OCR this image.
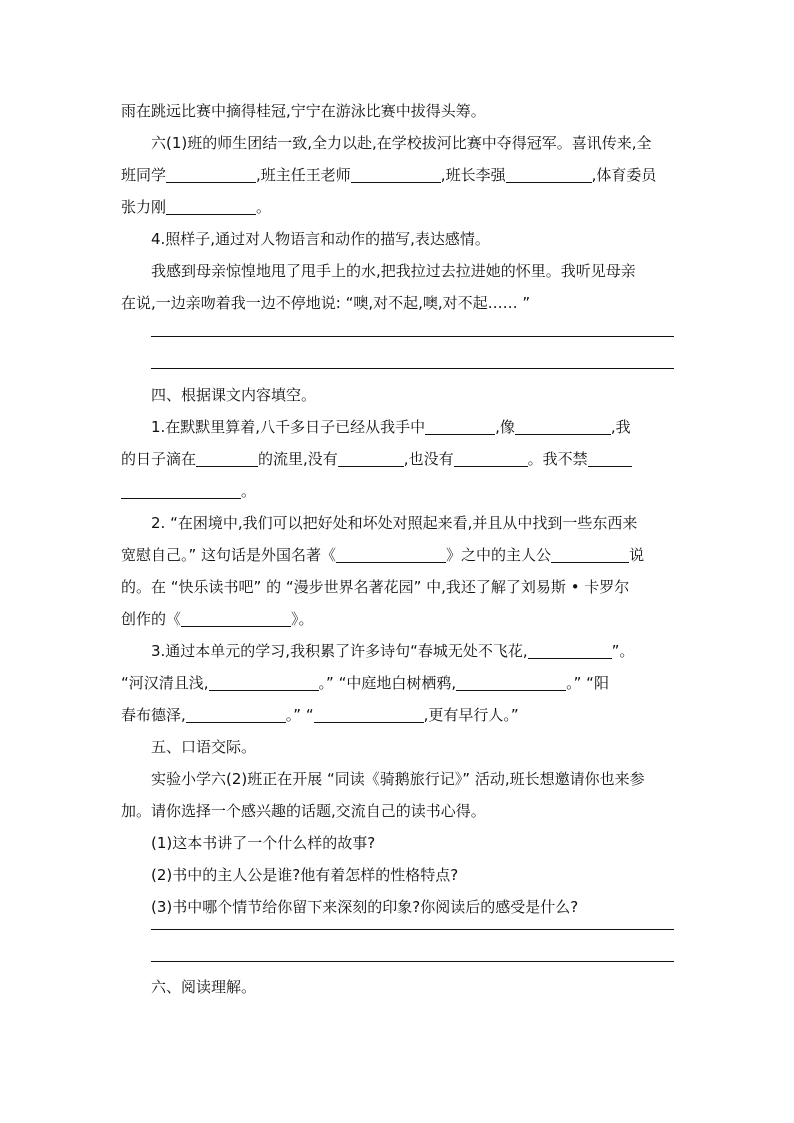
雨在跳远比赛中摘得桂冠,宁宁在游泳比赛中拔得头筹。
六(1)班的师生团结一致,全力以赴,在学校拔河比赛中夺得冠军。喜讯传来,全
班同学	,班主任王老师	,班长李强	,体育委员
张力刚	。
4.照样子,通过对人物语言和动作的描写,表达感情。
我感到母亲惊惶地甩了甩手上的水,把我拉过去拉进她的怀里。我听见母亲
在说,一边亲吻着我一边不停地说: “噢,对不起,噢,对不起…… ”
四、根据课文内容填空。
1.在默默里算着,八千多日子已经从我手中	,像	,我
的日子滴在	的流里,没有	,也没有	。我不禁
。
2. “在困境中,我们可以把好处和坏处对照起来看,并且从中找到一些东西来
宽慰自己。” 这句话是外国名著《	》之中的主人公	说
的。在 “快乐读书吧” 的 “漫步世界名著花园” 中,我还了解了刘易斯 • 卡罗尔
创作的《	》。
3.通过本单元的学习,我积累了许多诗句“春城无处不飞花,	”。
“河汉清且浅,	。” “中庭地白树栖鸦,	。” “阳
春布德泽,	。” “	,更有早行人。”
五、口语交际。
实验小学六(2)班正在开展 “同读《骑鹅旅行记》” 活动,班长想邀请你也来参
加。请你选择一个感兴趣的话题,交流自己的读书心得。
(1)这本书讲了一个什么样的故事?
(2)书中的主人公是谁?他有着怎样的性格特点?
(3)书中哪个情节给你留下来深刻的印象?你阅读后的感受是什么?
六、阅读理解。
